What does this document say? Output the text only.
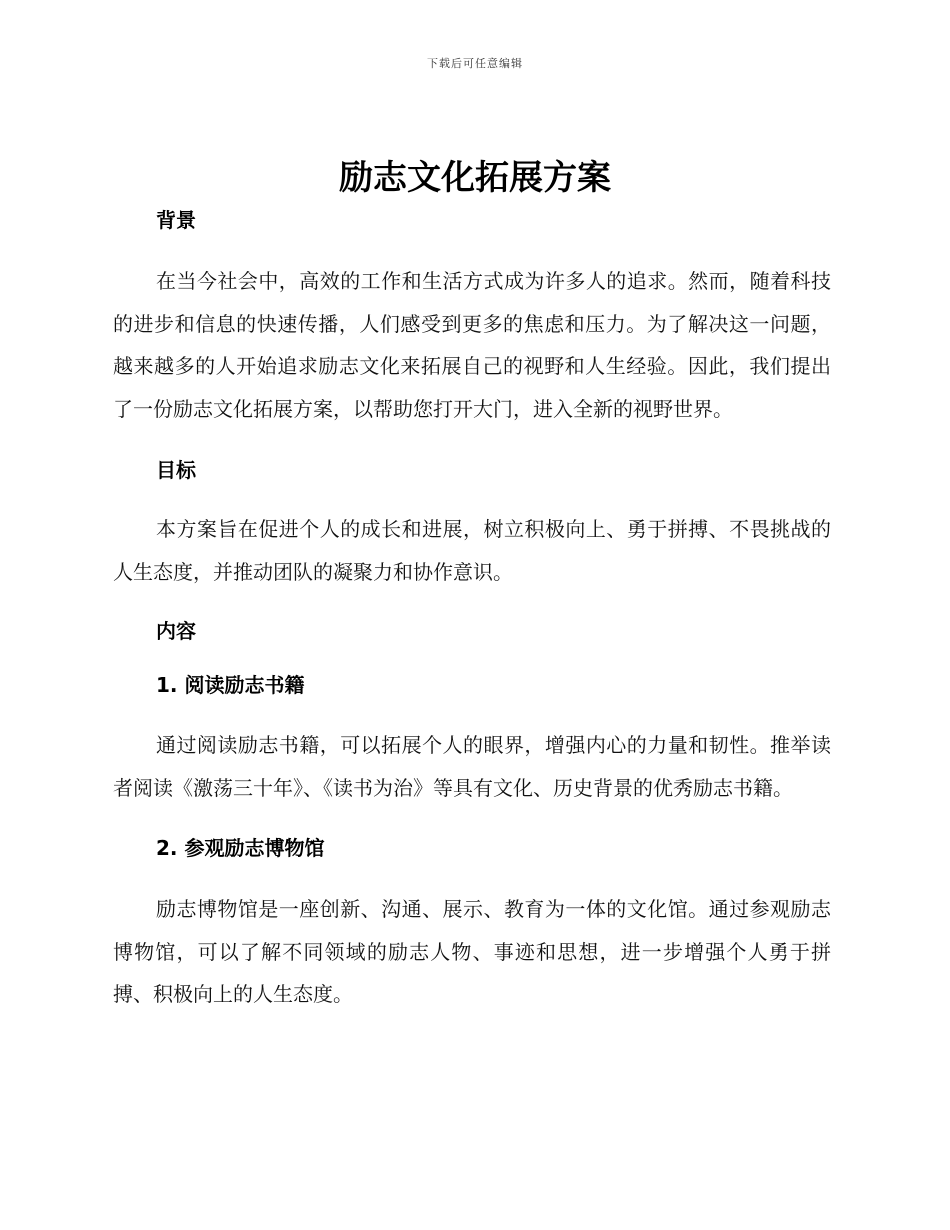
下载后可任意编辑
励志文化拓展方案
背景

在当今社会中，高效的工作和生活方式成为许多人的追求。然而，随着科技的进步和信息的快速传播，人们感受到更多的焦虑和压力。为了解决这一问题，越来越多的人开始追求励志文化来拓展自己的视野和人生经验。因此，我们提出了一份励志文化拓展方案，以帮助您打开大门，进入全新的视野世界。

目标

本方案旨在促进个人的成长和进展，树立积极向上、勇于拼搏、不畏挑战的人生态度，并推动团队的凝聚力和协作意识。

内容
1. 阅读励志书籍

通过阅读励志书籍，可以拓展个人的眼界，增强内心的力量和韧性。推举读者阅读《激荡三十年》、《读书为治》等具有文化、历史背景的优秀励志书籍。

2. 参观励志博物馆

励志博物馆是一座创新、沟通、展示、教育为一体的文化馆。通过参观励志博物馆，可以了解不同领域的励志人物、事迹和思想，进一步增强个人勇于拼搏、积极向上的人生态度。
